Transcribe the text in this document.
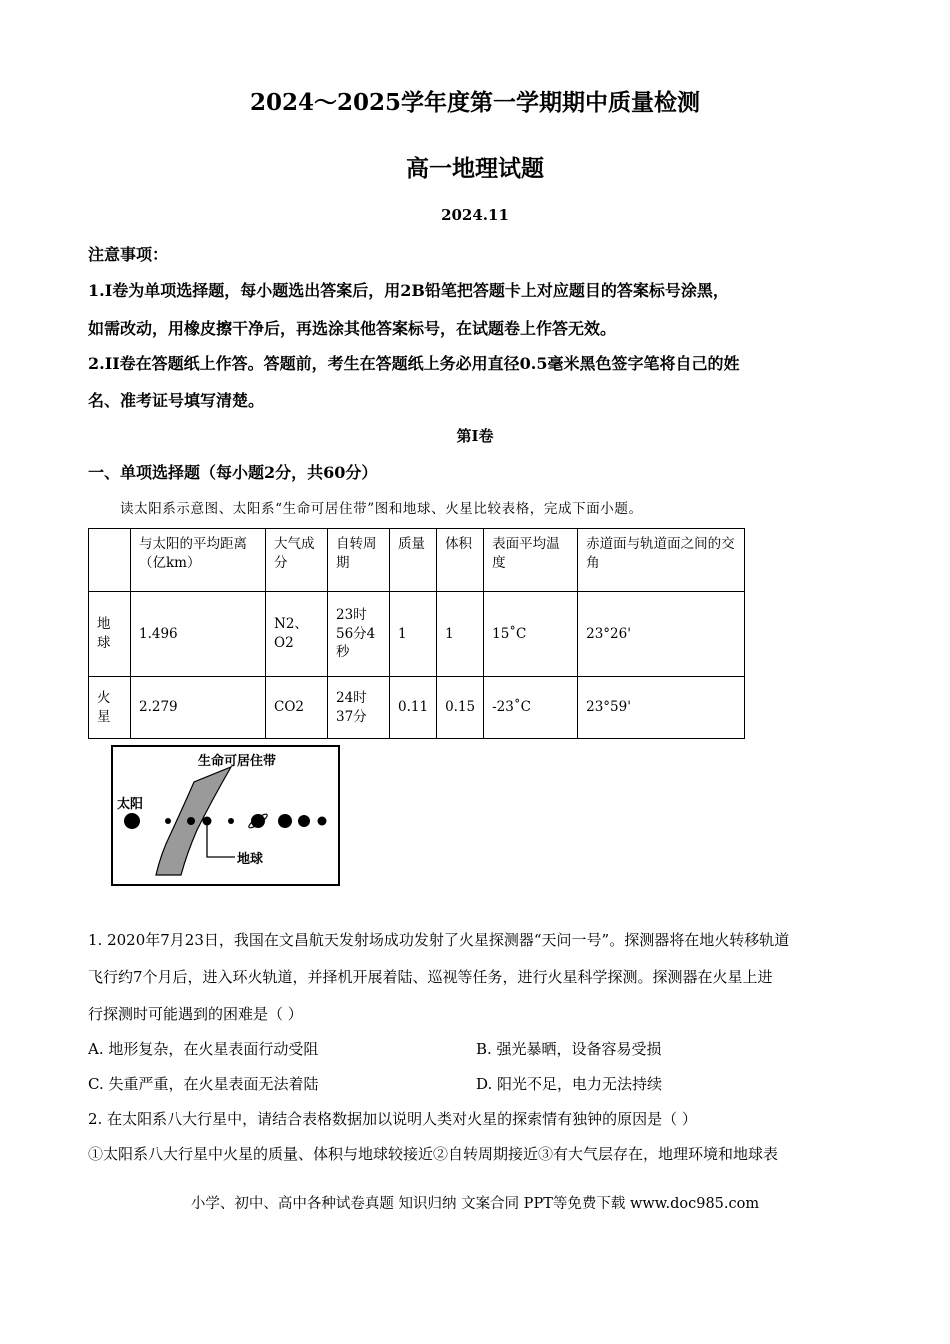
2024～2025学年度第一学期期中质量检测
高一地理试题
2024.11
注意事项：
1.I卷为单项选择题，每小题选出答案后，用2B铅笔把答题卡上对应题目的答案标号涂黑，
如需改动，用橡皮擦干净后，再选涂其他答案标号，在试题卷上作答无效。
2.II卷在答题纸上作答。答题前，考生在答题纸上务必用直径0.5毫米黑色签字笔将自己的姓
名、准考证号填写清楚。
第I卷
一、单项选择题（每小题2分，共60分）
读太阳系示意图、太阳系“生命可居住带”图和地球、火星比较表格，完成下面小题。
	与太阳的平均距离（亿km）	大气成分	自转周期	质量	体积	表面平均温度	赤道面与轨道面之间的交角
地球	1.496	N2、O2	23时56分4秒	1	1	15˚C	23°26'
火星	2.279	CO2	24时37分	0.11	0.15	-23˚C	23°59'
生命可居住带
太阳
地球
1. 2020年7月23日，我国在文昌航天发射场成功发射了火星探测器“天问一号”。探测器将在地火转移轨道
飞行约7个月后，进入环火轨道，并择机开展着陆、巡视等任务，进行火星科学探测。探测器在火星上进
行探测时可能遇到的困难是（ ）
A. 地形复杂，在火星表面行动受阻	B. 强光暴晒，设备容易受损
C. 失重严重，在火星表面无法着陆	D. 阳光不足，电力无法持续
2. 在太阳系八大行星中，请结合表格数据加以说明人类对火星的探索情有独钟的原因是（ ）
①太阳系八大行星中火星的质量、体积与地球较接近②自转周期接近③有大气层存在，地理环境和地球表
小学、初中、高中各种试卷真题 知识归纳 文案合同 PPT等免费下载 www.doc985.com
